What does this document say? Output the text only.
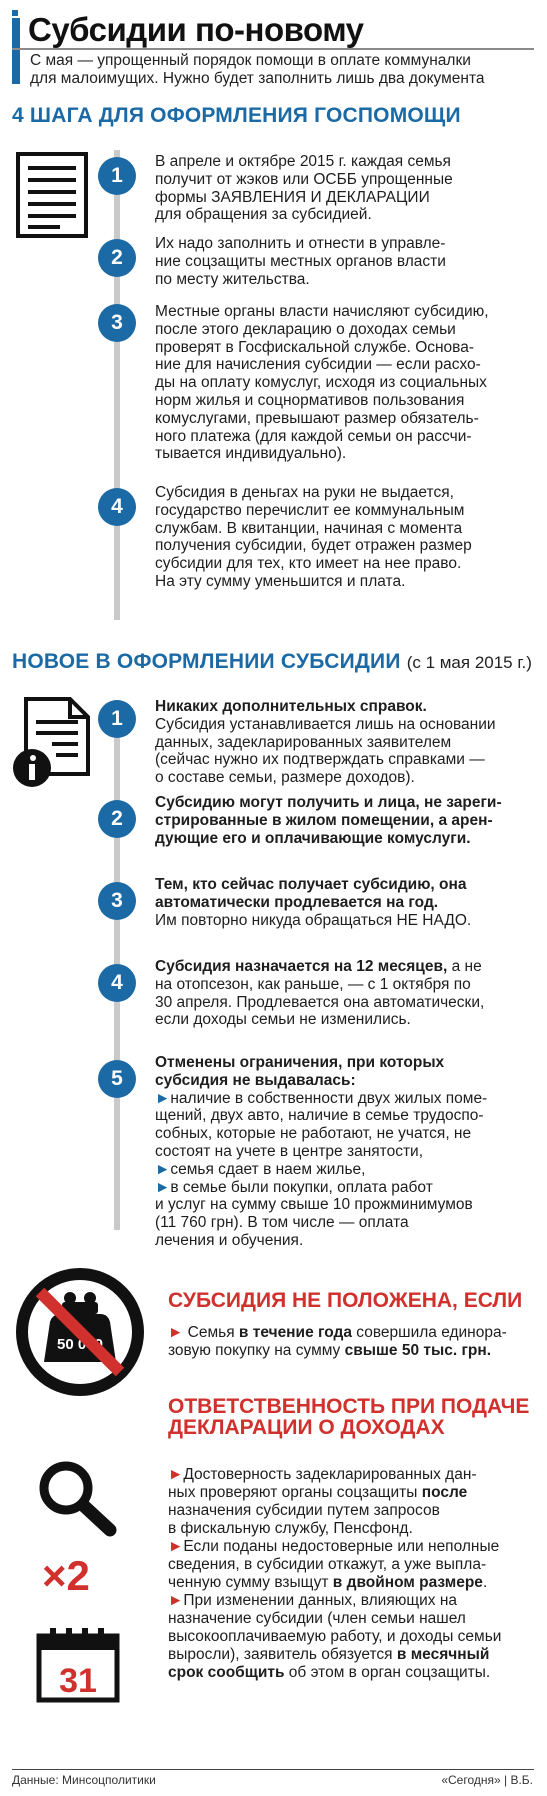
Субсидии по-новому
С мая — упрощенный порядок помощи в оплате коммуналки
для малоимущих. Нужно будет заполнить лишь два документа
4 ШАГА ДЛЯ ОФОРМЛЕНИЯ ГОСПОМОЩИ
1
В апреле и октябре 2015 г. каждая семья
получит от жэков или ОСББ упрощенные
формы ЗАЯВЛЕНИЯ И ДЕКЛАРАЦИИ
для обращения за субсидией.
2
Их надо заполнить и отнести в управле-
ние соцзащиты местных органов власти
по месту жительства.
3	Местные органы власти начисляют субсидию,
после этого декларацию о доходах семьи
проверят в Госфискальной службе. Основа-
ние для начисления субсидии — если расхо-
ды на оплату комуслуг, исходя из социальных
норм жилья и соцнормативов пользования
комуслугами, превышают размер обязатель-
ного платежа (для каждой семьи он рассчи-
тывается индивидуально).
4
Субсидия в деньгах на руки не выдается,
государство перечислит ее коммунальным
службам. В квитанции, начиная с момента
получения субсидии, будет отражен размер
субсидии для тех, кто имеет на нее право.
На эту сумму уменьшится и плата.
НОВОЕ В ОФОРМЛЕНИИ СУБСИДИИ (с 1 мая 2015 г.)
1
Никаких дополнительных справок.
Субсидия устанавливается лишь на основании
данных, задекларированных заявителем
(сейчас нужно их подтверждать справками —
о составе семьи, размере доходов).
2
Субсидию могут получить и лица, не зареги-
стрированные в жилом помещении, а арен-
дующие его и оплачивающие комуслуги.
3
Тем, кто сейчас получает субсидию, она
автоматически продлевается на год.
Им повторно никуда обращаться НЕ НАДО.
4
Субсидия назначается на 12 месяцев, а не
на отопсезон, как раньше, — с 1 октября по
30 апреля. Продлевается она автоматически,
если доходы семьи не изменились.
5
Отменены ограничения, при которых
субсидия не выдавалась:
►наличие в собственности двух жилых поме-
щений, двух авто, наличие в семье трудоспо-
собных, которые не работают, не учатся, не
состоят на учете в центре занятости,
►семья сдает в наем жилье,
►в семье были покупки, оплата работ
и услуг на сумму свыше 10 прожминимумов
(11 760 грн). В том числе — оплата
лечения и обучения.
50 000
СУБСИДИЯ НЕ ПОЛОЖЕНА, ЕСЛИ
► Семья в течение года совершила единора-
зовую покупку на сумму свыше 50 тыс. грн.
ОТВЕТСТВЕННОСТЬ ПРИ ПОДАЧЕ
ДЕКЛАРАЦИИ О ДОХОДАХ
×2
31
►Достоверность задекларированных дан-
ных проверяют органы соцзащиты после
назначения субсидии путем запросов
в фискальную службу, Пенсфонд.
►Если поданы недостоверные или неполные
сведения, в субсидии откажут, а уже выпла-
ченную сумму взыщут в двойном размере.
►При изменении данных, влияющих на
назначение субсидии (член семьи нашел
высокооплачиваемую работу, и доходы семьи
выросли), заявитель обязуется в месячный
срок сообщить об этом в орган соцзащиты.
Данные: Минсоцполитики	«Сегодня» | В.Б.
